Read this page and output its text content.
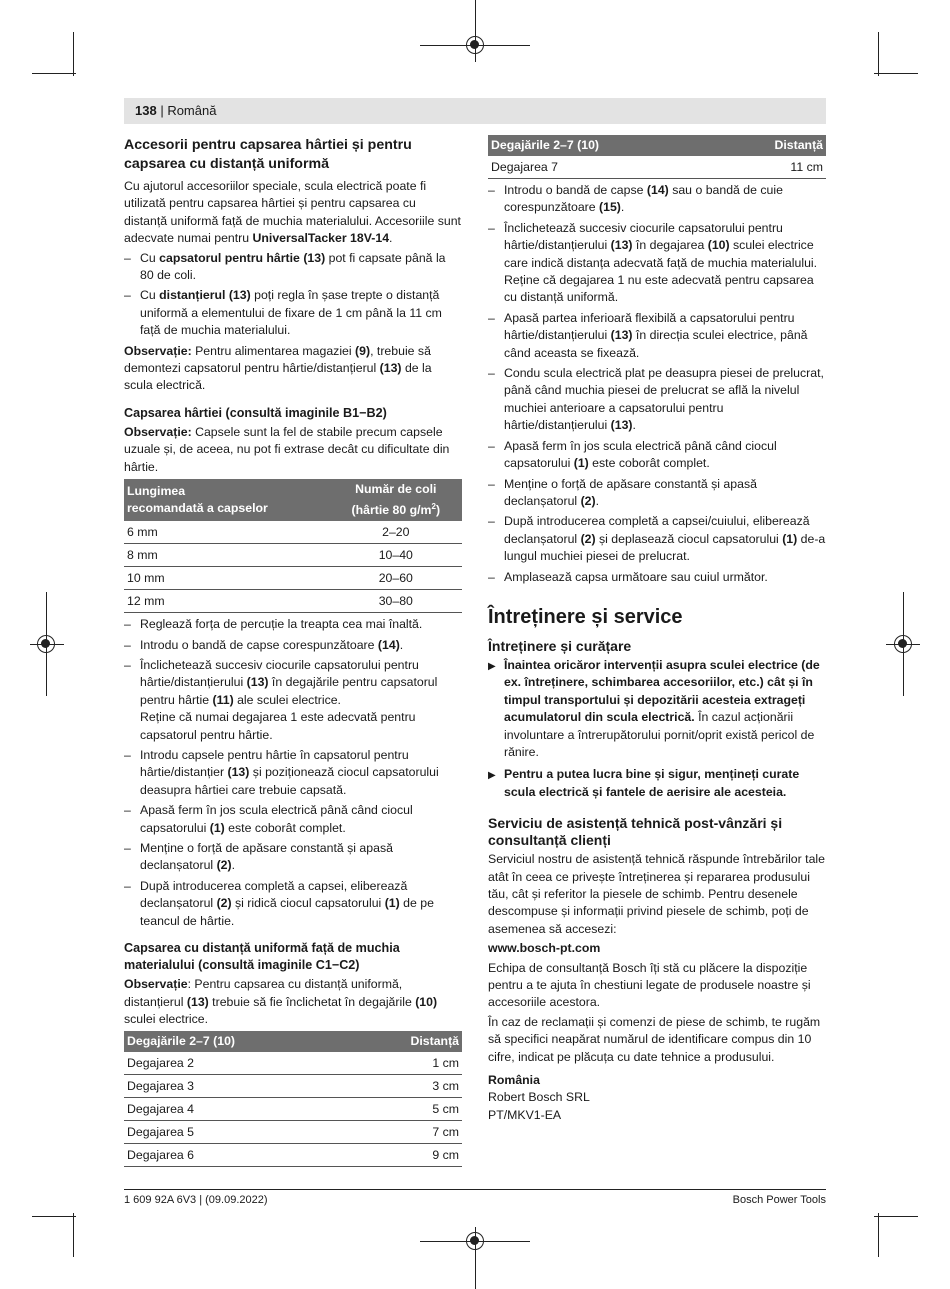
138 | Română
Accesorii pentru capsarea hârtiei și pentru capsarea cu distanță uniformă

Cu ajutorul accesoriilor speciale, scula electrică poate fi utilizată pentru capsarea hârtiei și pentru capsarea cu distanță uniformă față de muchia materialului. Accesoriile sunt adecvate numai pentru UniversalTacker 18V-14.

– Cu capsatorul pentru hârtie (13) pot fi capsate până la 80 de coli.
– Cu distanțierul (13) poți regla în șase trepte o distanță uniformă a elementului de fixare de 1 cm până la 11 cm față de muchia materialului.

Observație: Pentru alimentarea magaziei (9), trebuie să demontezi capsatorul pentru hârtie/distanțierul (13) de la scula electrică.

Capsarea hârtiei (consultă imaginile B1−B2)

Observație: Capsele sunt la fel de stabile precum capsele uzuale și, de aceea, nu pot fi extrase decât cu dificultate din hârtie.

Lungimea
recomandată a capselor	Număr de coli
(hârtie 80 $g/m^2$)
6 mm	2–20
8 mm	10–40
10 mm	20–60
12 mm	30–80
– Reglează forța de percuție la treapta cea mai înaltă.
– Introdu o bandă de capse corespunzătoare (14).
– Înclichetează succesiv ciocurile capsatorului pentru hârtie/distanțierului (13) în degajările pentru capsatorul pentru hârtie (11) ale sculei electrice.
Reține că numai degajarea 1 este adecvată pentru capsatorul pentru hârtie.
– Introdu capsele pentru hârtie în capsatorul pentru hârtie/distanțier (13) și poziționează ciocul capsatorului deasupra hârtiei care trebuie capsată.
– Apasă ferm în jos scula electrică până când ciocul capsatorului (1) este coborât complet.
– Menține o forță de apăsare constantă și apasă declanșatorul (2).
– După introducerea completă a capsei, eliberează declanșatorul (2) și ridică ciocul capsatorului (1) de pe teancul de hârtie.
Capsarea cu distanță uniformă față de muchia materialului (consultă imaginile C1−C2)

Observație: Pentru capsarea cu distanță uniformă, distanțierul (13) trebuie să fie înclichetat în degajările (10) sculei electrice.

Degajările 2–7 (10)	Distanță
Degajarea 2	1 cm
Degajarea 3	3 cm
Degajarea 4	5 cm
Degajarea 5	7 cm
Degajarea 6	9 cm
Degajările 2–7 (10)	Distanță
Degajarea 7	11 cm
– Introdu o bandă de capse (14) sau o bandă de cuie corespunzătoare (15).
– Înclichetează succesiv ciocurile capsatorului pentru hârtie/distanțierului (13) în degajarea (10) sculei electrice care indică distanța adecvată față de muchia materialului.
Reține că degajarea 1 nu este adecvată pentru capsarea cu distanță uniformă.
– Apasă partea inferioară flexibilă a capsatorului pentru hârtie/distanțierului (13) în direcția sculei electrice, până când aceasta se fixează.
– Condu scula electrică plat pe deasupra piesei de prelucrat, până când muchia piesei de prelucrat se află la nivelul muchiei anterioare a capsatorului pentru hârtie/distanțierului (13).
– Apasă ferm în jos scula electrică până când ciocul capsatorului (1) este coborât complet.
– Menține o forță de apăsare constantă și apasă declanșatorul (2).
– După introducerea completă a capsei/cuiului, eliberează declanșatorul (2) și deplasează ciocul capsatorului (1) de-a lungul muchiei piesei de prelucrat.
– Amplasează capsa următoare sau cuiul următor.
Întreținere și service
Întreținere și curățare
▶ Înaintea oricăror intervenții asupra sculei electrice (de ex. întreținere, schimbarea accesoriilor, etc.) cât și în timpul transportului și depozitării acesteia extrageți acumulatorul din scula electrică. În cazul acționării involuntare a întrerupătorului pornit/oprit există pericol de rănire.
▶ Pentru a putea lucra bine și sigur, mențineți curate scula electrică și fantele de aerisire ale acesteia.
Serviciu de asistență tehnică post-vânzări și consultanță clienți

Serviciul nostru de asistență tehnică răspunde întrebărilor tale atât în ceea ce privește întreținerea și repararea produsului tău, cât și referitor la piesele de schimb. Pentru desenele descompuse și informații privind piesele de schimb, poți de asemenea să accesezi:

www.bosch-pt.com

Echipa de consultanță Bosch îți stă cu plăcere la dispoziție pentru a te ajuta în chestiuni legate de produsele noastre și accesoriile acestora.

În caz de reclamații și comenzi de piese de schimb, te rugăm să specifici neapărat numărul de identificare compus din 10 cifre, indicat pe plăcuța cu date tehnice a produsului.

România

Robert Bosch SRL

PT/MKV1-EA

1 609 92A 6V3 | (09.09.2022)	Bosch Power Tools
